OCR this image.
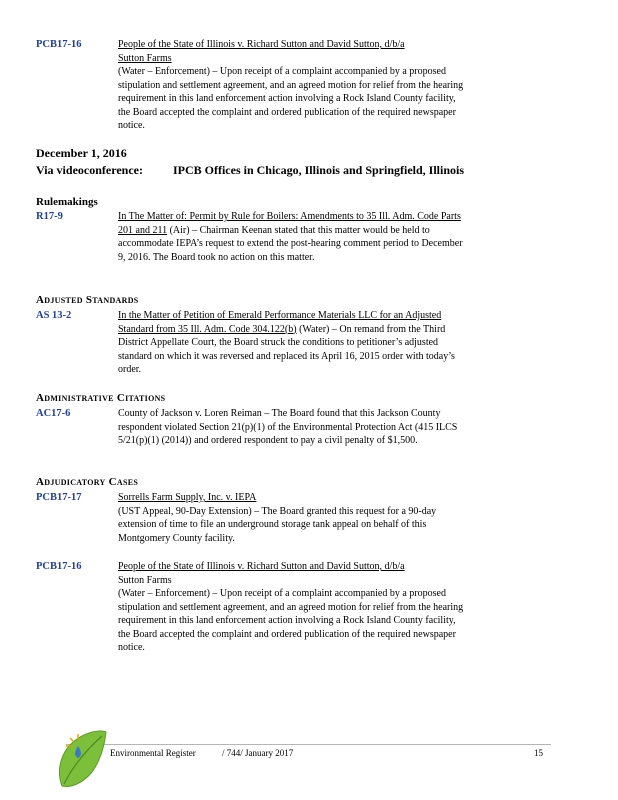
PCB17-16	People of the State of Illinois v. Richard Sutton and David Sutton, d/b/a
Sutton Farms
(Water – Enforcement) – Upon receipt of a complaint accompanied by a proposed stipulation and settlement agreement, and an agreed motion for relief from the hearing requirement in this land enforcement action involving a Rock Island County facility, the Board accepted the complaint and ordered publication of the required newspaper notice.
December 1, 2016
Via videoconference:	IPCB Offices in Chicago, Illinois and Springfield, Illinois
Rulemakings
R17-9	In The Matter of: Permit by Rule for Boilers: Amendments to 35 Ill. Adm. Code Parts 201 and 211 (Air) – Chairman Keenan stated that this matter would be held to accommodate IEPA’s request to extend the post-hearing comment period to December 9, 2016. The Board took no action on this matter.
Adjusted Standards
AS 13-2	In the Matter of Petition of Emerald Performance Materials LLC for an Adjusted Standard from 35 Ill. Adm. Code 304.122(b) (Water) – On remand from the Third District Appellate Court, the Board struck the conditions to petitioner’s adjusted standard on which it was reversed and replaced its April 16, 2015 order with today’s order.
Administrative Citations
AC17-6	County of Jackson v. Loren Reiman – The Board found that this Jackson County respondent violated Section 21(p)(1) of the Environmental Protection Act (415 ILCS 5/21(p)(1) (2014)) and ordered respondent to pay a civil penalty of $1,500.
Adjudicatory Cases
PCB17-17	Sorrells Farm Supply, Inc. v. IEPA
(UST Appeal, 90-Day Extension) – The Board granted this request for a 90-day extension of time to file an underground storage tank appeal on behalf of this Montgomery County facility.
PCB17-16	People of the State of Illinois v. Richard Sutton and David Sutton, d/b/a
Sutton Farms
(Water – Enforcement) – Upon receipt of a complaint accompanied by a proposed stipulation and settlement agreement, and an agreed motion for relief from the hearing requirement in this land enforcement action involving a Rock Island County facility, the Board accepted the complaint and ordered publication of the required newspaper notice.
Environmental Register	/ 744/ January 2017	15
